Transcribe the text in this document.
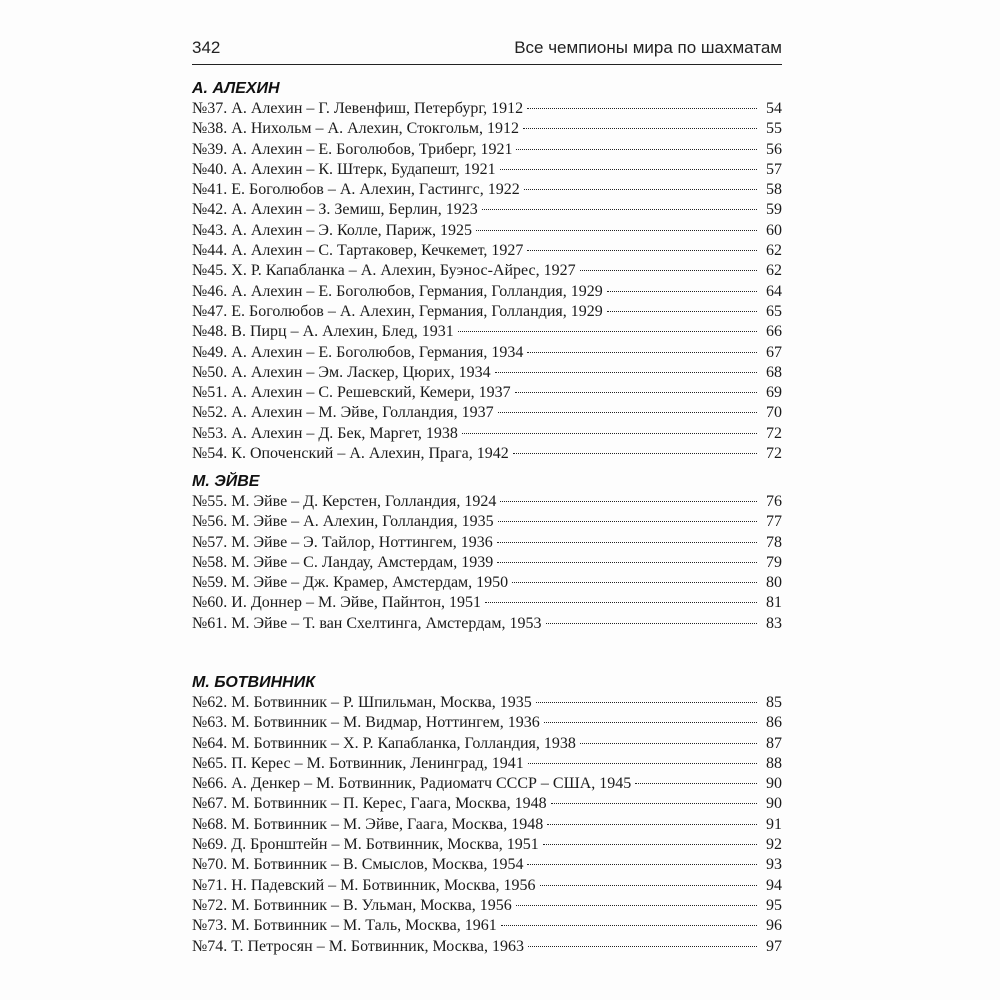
342	Все чемпионы мира по шахматам
А. АЛЕХИН
№37. А. Алехин – Г. Левенфиш, Петербург, 1912	54
№38. А. Нихольм – А. Алехин, Стокгольм, 1912	55
№39. А. Алехин – Е. Боголюбов, Триберг, 1921	56
№40. А. Алехин – К. Штерк, Будапешт, 1921	57
№41. Е. Боголюбов – А. Алехин, Гастингс, 1922	58
№42. А. Алехин – З. Земиш, Берлин, 1923	59
№43. А. Алехин – Э. Колле, Париж, 1925	60
№44. А. Алехин – С. Тартаковер, Кечкемет, 1927	62
№45. Х. Р. Капабланка – А. Алехин, Буэнос-Айрес, 1927	62
№46. А. Алехин – Е. Боголюбов, Германия, Голландия, 1929	64
№47. Е. Боголюбов – А. Алехин, Германия, Голландия, 1929	65
№48. В. Пирц – А. Алехин, Блед, 1931	66
№49. А. Алехин – Е. Боголюбов, Германия, 1934	67
№50. А. Алехин – Эм. Ласкер, Цюрих, 1934	68
№51. А. Алехин – С. Решевский, Кемери, 1937	69
№52. А. Алехин – М. Эйве, Голландия, 1937	70
№53. А. Алехин – Д. Бек, Маргет, 1938	72
№54. К. Опоченский – А. Алехин, Прага, 1942	72
М. ЭЙВЕ
№55. М. Эйве – Д. Керстен, Голландия, 1924	76
№56. М. Эйве – А. Алехин, Голландия, 1935	77
№57. М. Эйве – Э. Тайлор, Ноттингем, 1936	78
№58. М. Эйве – С. Ландау, Амстердам, 1939	79
№59. М. Эйве – Дж. Крамер, Амстердам, 1950	80
№60. И. Доннер – М. Эйве, Пайнтон, 1951	81
№61. М. Эйве – Т. ван Схелтинга, Амстердам, 1953	83
М. БОТВИННИК
№62. М. Ботвинник – Р. Шпильман, Москва, 1935	85
№63. М. Ботвинник – М. Видмар, Ноттингем, 1936	86
№64. М. Ботвинник – Х. Р. Капабланка, Голландия, 1938	87
№65. П. Керес – М. Ботвинник, Ленинград, 1941	88
№66. А. Денкер – М. Ботвинник, Радиоматч СССР – США, 1945	90
№67. М. Ботвинник – П. Керес, Гаага, Москва, 1948	90
№68. М. Ботвинник – М. Эйве, Гаага, Москва, 1948	91
№69. Д. Бронштейн – М. Ботвинник, Москва, 1951	92
№70. М. Ботвинник – В. Смыслов, Москва, 1954	93
№71. Н. Падевский – М. Ботвинник, Москва, 1956	94
№72. М. Ботвинник – В. Ульман, Москва, 1956	95
№73. М. Ботвинник – М. Таль, Москва, 1961	96
№74. Т. Петросян – М. Ботвинник, Москва, 1963	97
